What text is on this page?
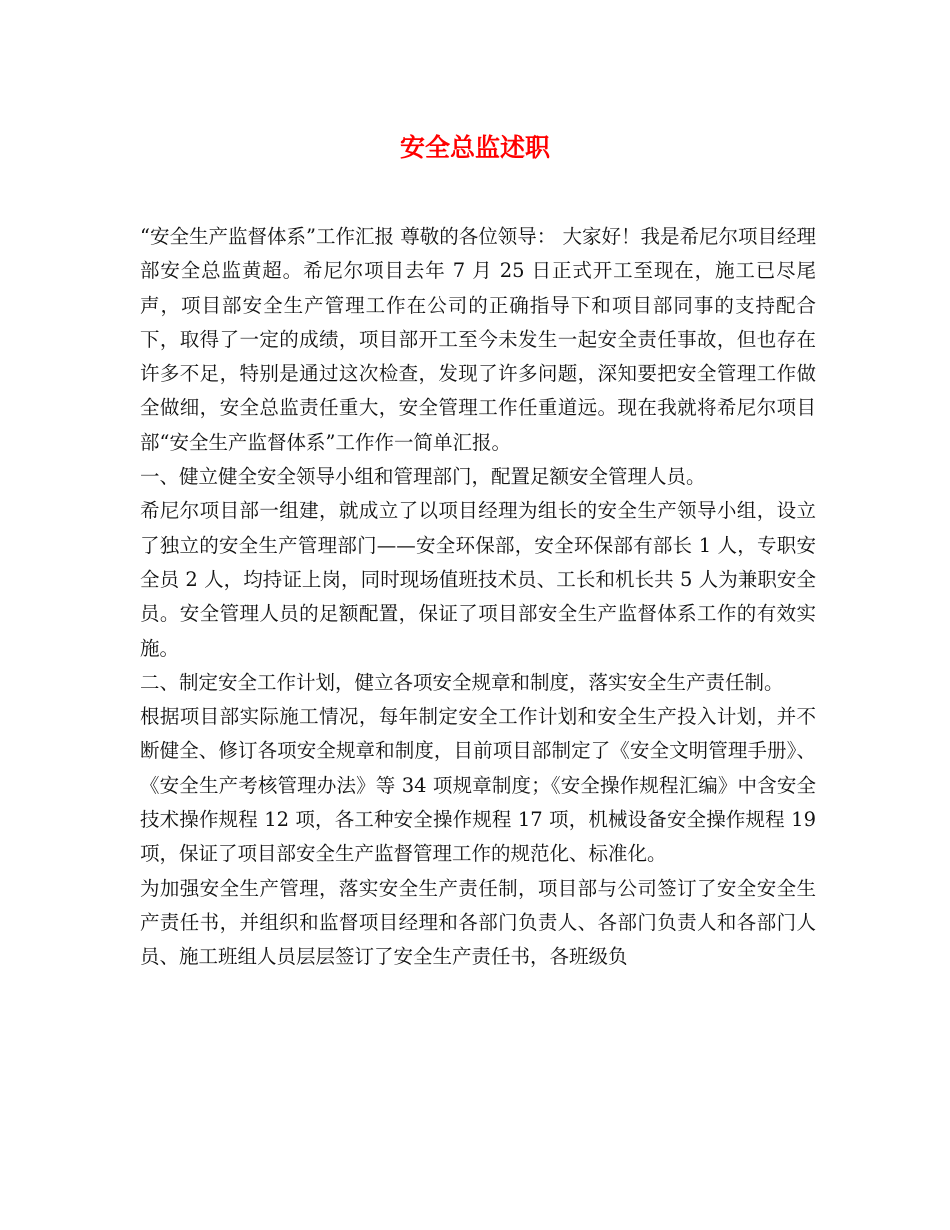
安全总监述职

“安全生产监督体系”工作汇报 尊敬的各位领导： 大家好！我是希尼尔项目经理部安全总监黄超。希尼尔项目去年 7 月 25 日正式开工至现在，施工已尽尾声，项目部安全生产管理工作在公司的正确指导下和项目部同事的支持配合下，取得了一定的成绩，项目部开工至今未发生一起安全责任事故，但也存在许多不足，特别是通过这次检查，发现了许多问题，深知要把安全管理工作做全做细，安全总监责任重大，安全管理工作任重道远。现在我就将希尼尔项目部“安全生产监督体系”工作作一简单汇报。

一、健立健全安全领导小组和管理部门，配置足额安全管理人员。

希尼尔项目部一组建，就成立了以项目经理为组长的安全生产领导小组，设立了独立的安全生产管理部门——安全环保部，安全环保部有部长 1 人，专职安全员 2 人，均持证上岗，同时现场值班技术员、工长和机长共 5 人为兼职安全员。安全管理人员的足额配置，保证了项目部安全生产监督体系工作的有效实施。

二、制定安全工作计划，健立各项安全规章和制度，落实安全生产责任制。

根据项目部实际施工情况，每年制定安全工作计划和安全生产投入计划，并不断健全、修订各项安全规章和制度，目前项目部制定了《安全文明管理手册》、《安全生产考核管理办法》等 34 项规章制度；《安全操作规程汇编》中含安全技术操作规程 12 项，各工种安全操作规程 17 项，机械设备安全操作规程 19 项，保证了项目部安全生产监督管理工作的规范化、标准化。

为加强安全生产管理，落实安全生产责任制，项目部与公司签订了安全安全生产责任书，并组织和监督项目经理和各部门负责人、各部门负责人和各部门人员、施工班组人员层层签订了安全生产责任书，各班级负
